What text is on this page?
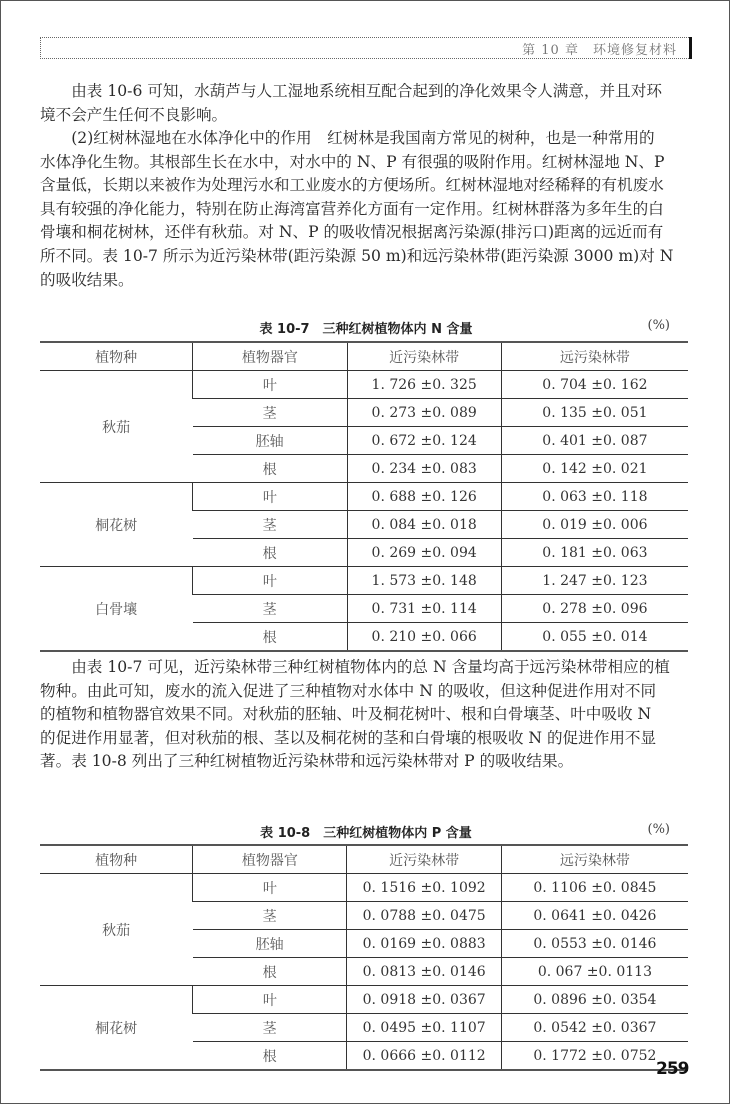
第 10 章　 环境修复材料

由表 10-6 可知，水葫芦与人工湿地系统相互配合起到的净化效果令人满意，并且对环
境不会产生任何不良影响。

(2)红树林湿地在水体净化中的作用　红树林是我国南方常见的树种，也是一种常用的
水体净化生物。其根部生长在水中，对水中的 N、P 有很强的吸附作用。红树林湿地 N、P
含量低，长期以来被作为处理污水和工业废水的方便场所。红树林湿地对经稀释的有机废水
具有较强的净化能力，特别在防止海湾富营养化方面有一定作用。红树林群落为多年生的白
骨壤和桐花树林，还伴有秋茄。对 N、P 的吸收情况根据离污染源(排污口)距离的远近而有
所不同。表 10-7 所示为近污染林带(距污染源 50 m)和远污染林带(距污染源 3000 m)对 N
的吸收结果。

表 10-7　三种红树植物体内 N 含量	(%)
植物种	植物器官	近污染林带	远污染林带
秋茄	叶	1. 726 ±0. 325	0. 704 ±0. 162
	茎	0. 273 ±0. 089	0. 135 ±0. 051
	胚轴	0. 672 ±0. 124	0. 401 ±0. 087
	根	0. 234 ±0. 083	0. 142 ±0. 021
桐花树	叶	0. 688 ±0. 126	0. 063 ±0. 118
	茎	0. 084 ±0. 018	0. 019 ±0. 006
	根	0. 269 ±0. 094	0. 181 ±0. 063
白骨壤	叶	1. 573 ±0. 148	1. 247 ±0. 123
	茎	0. 731 ±0. 114	0. 278 ±0. 096
	根	0. 210 ±0. 066	0. 055 ±0. 014

由表 10-7 可见，近污染林带三种红树植物体内的总 N 含量均高于远污染林带相应的植
物种。由此可知，废水的流入促进了三种植物对水体中 N 的吸收，但这种促进作用对不同
的植物和植物器官效果不同。对秋茄的胚轴、叶及桐花树叶、根和白骨壤茎、叶中吸收 N
的促进作用显著，但对秋茄的根、茎以及桐花树的茎和白骨壤的根吸收 N 的促进作用不显
著。表 10-8 列出了三种红树植物近污染林带和远污染林带对 P 的吸收结果。

表 10-8　三种红树植物体内 P 含量	(%)
植物种	植物器官	近污染林带	远污染林带
秋茄	叶	0. 1516 ±0. 1092	0. 1106 ±0. 0845
	茎	0. 0788 ±0. 0475	0. 0641 ±0. 0426
	胚轴	0. 0169 ±0. 0883	0. 0553 ±0. 0146
	根	0. 0813 ±0. 0146	0. 067 ±0. 0113
桐花树	叶	0. 0918 ±0. 0367	0. 0896 ±0. 0354
	茎	0. 0495 ±0. 1107	0. 0542 ±0. 0367
	根	0. 0666 ±0. 0112	0. 1772 ±0. 0752
259
